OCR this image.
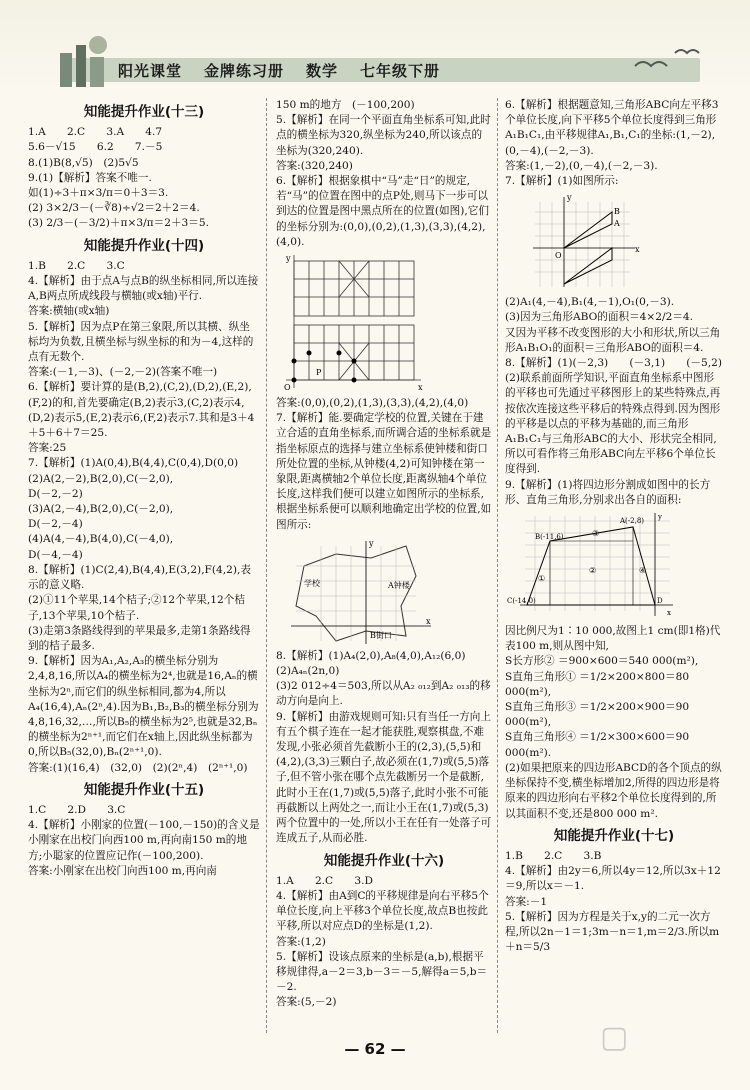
阳光课堂 金牌练习册 数学 七年级下册
知能提升作业(十三)

1.A　　2.C　　3.A　　4.7

5.6－√15　　6.2　　7.－5

8.(1)B(8,√5)　(2)5√5

9.(1)【解析】答案不唯一.

如(1)÷3＋π×3/π＝0＋3＝3.

(2) 3×2/3－(－∛8)÷√2＝2＋2＝4.

(3) 2/3－(－3/2)＋π×3/π＝2＋3＝5.

知能提升作业(十四)

1.B　　2.C　　3.C

4.【解析】由于点A与点B的纵坐标相同,所以连接A,B两点所成线段与横轴(或x轴)平行.

答案:横轴(或x轴)

5.【解析】因为点P在第三象限,所以其横、纵坐标均为负数,且横坐标与纵坐标的和为－4,这样的点有无数个.

答案:(－1,－3)、(－2,－2)(答案不唯一)

6.【解析】要计算的是(B,2),(C,2),(D,2),(E,2),(F,2)的和,首先要确定(B,2)表示3,(C,2)表示4,(D,2)表示5,(E,2)表示6,(F,2)表示7.其和是3＋4＋5＋6＋7＝25.

答案:25

7.【解析】(1)A(0,4),B(4,4),C(0,4),D(0,0)

(2)A(2,－2),B(2,0),C(－2,0),

D(－2,－2)

(3)A(2,－4),B(2,0),C(－2,0),

D(－2,－4)

(4)A(4,－4),B(4,0),C(－4,0),

D(－4,－4)

8.【解析】(1)C(2,4),B(4,4),E(3,2),F(4,2),表示的意义略.

(2)①11个苹果,14个桔子;②12个苹果,12个桔子,13个苹果,10个桔子.

(3)走第3条路线得到的苹果最多,走第1条路线得到的桔子最多.

9.【解析】因为A₁,A₂,A₃的横坐标分别为2,4,8,16,所以A₄的横坐标为2⁴,也就是16,Aₙ的横坐标为2ⁿ,而它们的纵坐标相同,都为4,所以A₄(16,4),Aₙ(2ⁿ,4).因为B₁,B₂,B₃的横坐标分别为4,8,16,32,…,所以B₅的横坐标为2⁵,也就是32,Bₙ的横坐标为2ⁿ⁺¹,而它们在x轴上,因此纵坐标都为0,所以B₅(32,0),Bₙ(2ⁿ⁺¹,0).

答案:(1)(16,4)　(32,0)　(2)(2ⁿ,4)　(2ⁿ⁺¹,0)

知能提升作业(十五)

1.C　　2.D　　3.C

4.【解析】小刚家的位置(－100,－150)的含义是小刚家在出校门向西100 m,再向南150 m的地方;小聪家的位置应记作(－100,200).

答案:小刚家在出校门向西100 m,再向南

150 m的地方　(－100,200)

5.【解析】在同一个平面直角坐标系可知,此时点的横坐标为320,纵坐标为240,所以该点的坐标为(320,240).

答案:(320,240)

6.【解析】根据象棋中“马”走“日”的规定,若“马”的位置在图中的点P处,则马下一步可以到达的位置是图中黑点所在的位置(如图),它们的坐标分别为:(0,0),(0,2),(1,3),(3,3),(4,2),(4,0).

y
x
O
P

答案:(0,0),(0,2),(1,3),(3,3),(4,2),(4,0)

7.【解析】能.要确定学校的位置,关键在于建立合适的直角坐标系,而所调合适的坐标系就是指坐标原点的选择与建立坐标系使钟楼和街口所处位置的坐标,从钟楼(4,2)可知钟楼在第一象限,距离横轴2个单位长度,距离纵轴4个单位长度,这样我们便可以建立如图所示的坐标系,根据坐标系便可以顺利地确定出学校的位置,如图所示:

y
学校	A钟楼
B街口
x

8.【解析】(1)A₄(2,0),A₈(4,0),A₁₂(6,0)

(2)A₄ₙ(2n,0)

(3)2 012÷4＝503,所以从A₂ ₀₁₂到A₂ ₀₁₃的移动方向是向上.

9.【解析】由游戏规则可知:只有当任一方向上有五个棋子连在一起才能获胜,观察棋盘,不难发现,小张必须首先截断小王的(2,3),(5,5)和(4,2),(3,3)三颗白子,故必须在(1,7)或(5,5)落子,但不管小张在哪个点先截断另一个是截断,此时小王在(1,7)或(5,5)落子,此时小张不可能再截断以上两处之一,而让小王在(1,7)或(5,3)两个位置中的一处,所以小王在任有一处落子可连成五子,从而必胜.

知能提升作业(十六)

1.A　　2.C　　3.D

4.【解析】由A到C的平移规律是向右平移5个单位长度,向上平移3个单位长度,故点B也按此平移,所以对应点D的坐标是(1,2).

答案:(1,2)

5.【解析】设该点原来的坐标是(a,b),根据平移规律得,a－2＝3,b－3＝－5,解得a＝5,b＝－2.

答案:(5,－2)

6.【解析】根据题意知,三角形ABC向左平移3个单位长度,向下平移5个单位长度得到三角形A₁B₁C₁,由平移规律A₁,B₁,C₁的坐标:(1,－2),(0,－4),(－2,－3).

答案:(1,－2),(0,－4),(－2,－3).

7.【解析】(1)如图所示:

y
x
A
B
O

(2)A₁(4,－4),B₁(4,－1),O₁(0,－3).

(3)因为三角形ABO的面积＝4×2/2＝4.

又因为平移不改变图形的大小和形状,所以三角形A₁B₁O₁的面积＝三角形ABO的面积＝4.

8.【解析】(1)(－2,3)　　(－3,1)　　(－5,2)

(2)联系前面所学知识,平面直角坐标系中图形的平移也可先通过平移图形上的某些特殊点,再按依次连接这些平移后的特殊点得到.因为图形的平移是以点的平移为基础的,而三角形A₁B₁C₁与三角形ABC的大小、形状完全相同,所以可看作将三角形ABC向左平移6个单位长度得到.

9.【解析】(1)将四边形分割成如图中的长方形、直角三角形,分别求出各自的面积:

A(-2,8)
B(-11,6)
C(-14,0)	D
y
x
①
②
③
④

因比例尺为1∶10 000,故图上1 cm(即1格)代表100 m,则从图中知,

S长方形② ＝900×600＝540 000(m²),

S直角三角形① ＝1/2×200×800＝80 000(m²),

S直角三角形③ ＝1/2×200×900＝90 000(m²),

S直角三角形④ ＝1/2×300×600＝90 000(m²).

(2)如果把原来的四边形ABCD的各个顶点的纵坐标保持不变,横坐标增加2,所得的四边形是将原来的四边形向右平移2个单位长度得到的,所以其面积不变,还是800 000 m².

知能提升作业(十七)

1.B　　2.C　　3.B

4.【解析】由2y＝6,所以4y＝12,所以3x＋12＝9,所以x＝－1.

答案:－1

5.【解析】因为方程是关于x,y的二元一次方程,所以2n－1＝1;3m－n＝1,m＝2/3.所以m＋n＝5/3

— 62 —	▢
